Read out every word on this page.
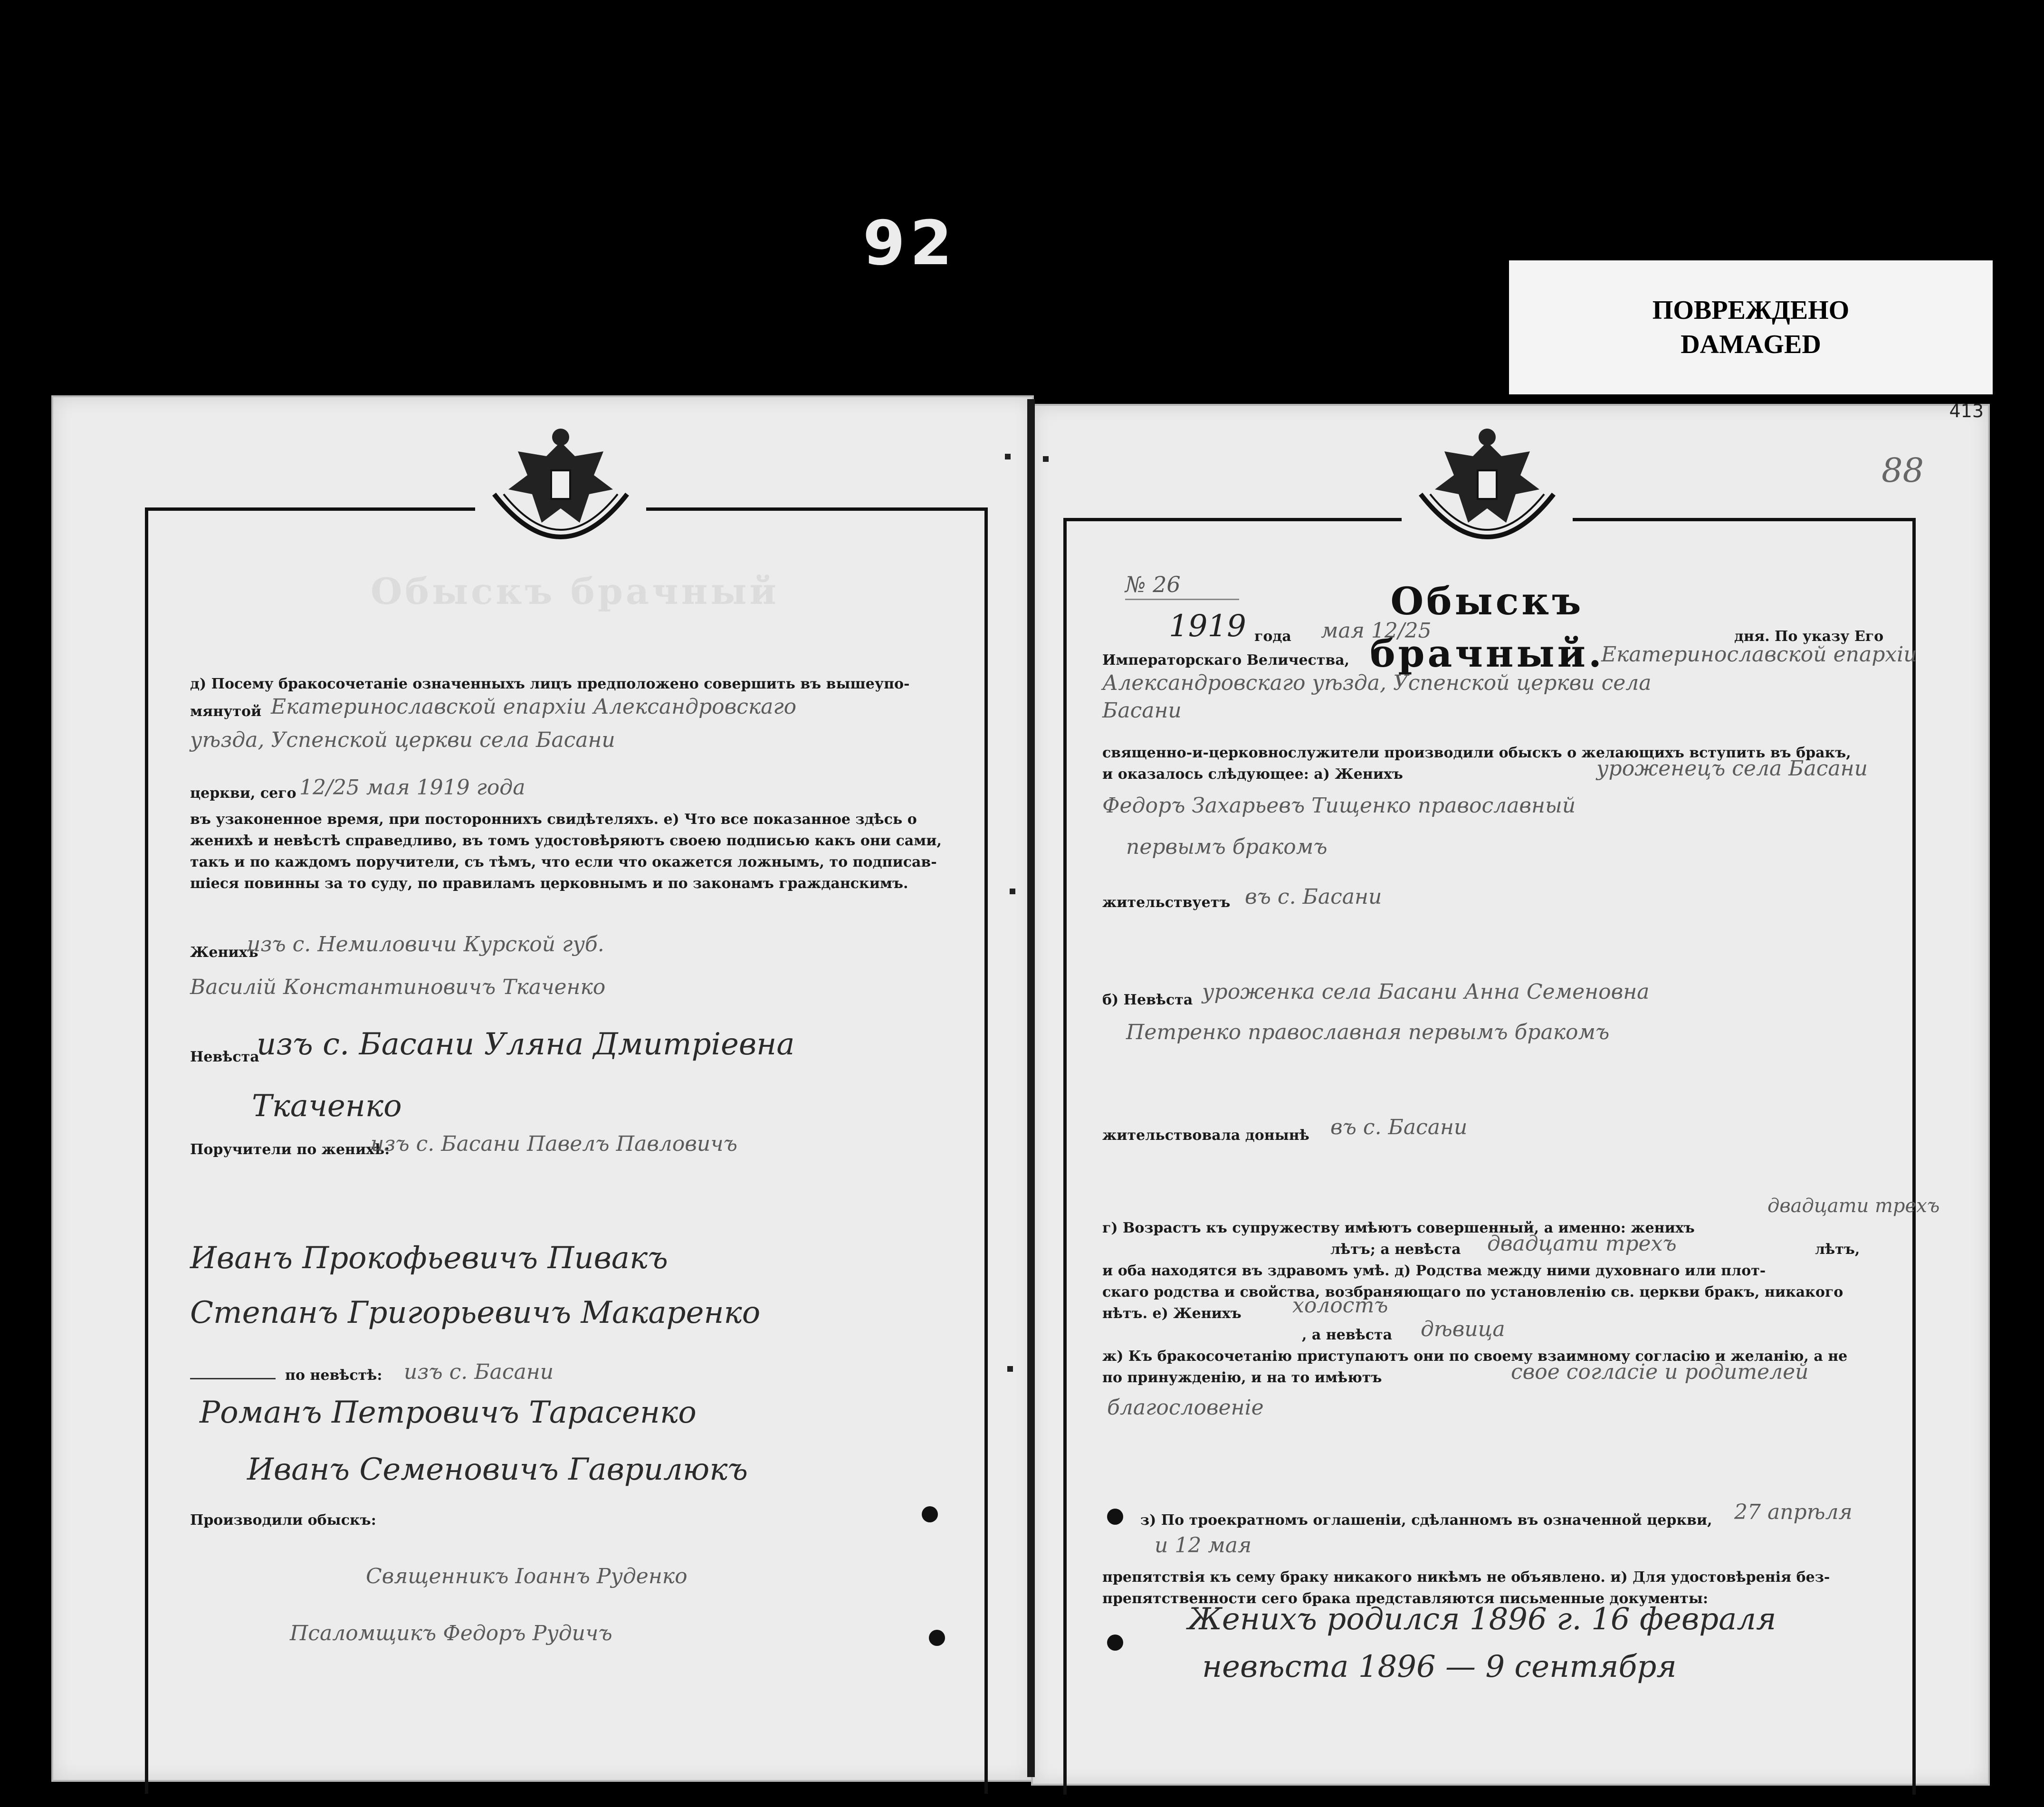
92
ПОВРЕЖДЕНО
DAMAGED
Обыскъ брачный
д) Посему бракосочетаніе означенныхъ лицъ предположено совершить въ вышеупо-
мянутой Екатеринославской епархіи Александровскаго
уѣзда, Успенской церкви села Басани
церкви, сего 12/25 мая 1919 года
въ узаконенное время, при постороннихъ свидѣтеляхъ. е) Что все показанное здѣсь о
женихѣ и невѣстѣ справедливо, въ томъ удостовѣряютъ своею подписью какъ они сами,
такъ и по каждомъ поручители, съ тѣмъ, что если что окажется ложнымъ, то подписав-
шіеся повинны за то суду, по правиламъ церковнымъ и по законамъ гражданскимъ.
Женихъ
изъ с. Немиловичи Курской губ.
Василій Константиновичъ Ткаченко
Невѣста
изъ с. Басани Уляна Дмитріевна
Ткаченко
Поручители по женихѣ:
изъ с. Басани Павелъ Павловичъ
Иванъ Прокофьевичъ Пивакъ
Степанъ Григорьевичъ Макаренко
по невѣстѣ: изъ с. Басани
Романъ Петровичъ Тарасенко
Иванъ Семеновичъ Гаврилюкъ
Производили обыскъ:
Священникъ Іоаннъ Руденко
Псаломщикъ Федоръ Рудичъ
413
88
№ 26	Обыскъ брачный.
1919 года мая 12/25	дня. По указу Его
Императорскаго Величества,	Екатеринославской епархіи
Александровскаго уѣзда, Успенской церкви села
Басани
священно-и-церковнослужители производили обыскъ о желающихъ вступить въ бракъ,
и оказалось слѣдующее: а) Женихъ	уроженецъ села Басани
Федоръ Захарьевъ Тищенко православный
первымъ бракомъ
жительствуетъ въ с. Басани
б) Невѣста уроженка села Басани Анна Семеновна
Петренко православная первымъ бракомъ
жительствовала донынѣ въ с. Басани
г) Возрастъ къ супружеству имѣютъ совершенный, а именно: женихъ
двадцати трехъ
лѣтъ; а невѣста двадцати трехъ	лѣтъ,
и оба находятся въ здравомъ умѣ. д) Родства между ними духовнаго или плот-
скаго родства и свойства, возбраняющаго по установленію св. церкви бракъ, никакого
нѣтъ. е) Женихъ холостъ
, а невѣста дѣвица
ж) Къ бракосочетанію приступаютъ они по своему взаимному согласію и желанію, а не
по принужденію, и на то имѣютъ	свое согласіе и родителей
благословеніе
з) По троекратномъ оглашеніи, сдѣланномъ въ означенной церкви, 27 апрѣля
и 12 мая
препятствія къ сему браку никакого никѣмъ не объявлено. и) Для удостовѣренія без-
препятственности сего брака представляются письменные документы:
Женихъ родился 1896 г. 16 февраля
невѣста 1896 — 9 сентября
